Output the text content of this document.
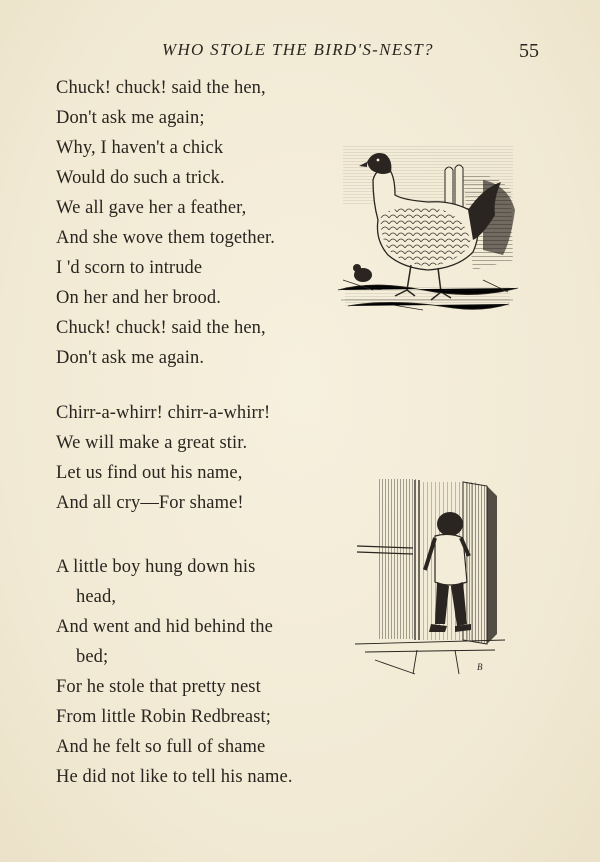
WHO STOLE THE BIRD'S-NEST?	55
Chuck! chuck! said the hen,
Don't ask me again;
Why, I haven't a chick
Would do such a trick.
We all gave her a feather,
And she wove them together.
I 'd scorn to intrude
On her and her brood.
Chuck! chuck! said the hen,
Don't ask me again.
Chirr-a-whirr! chirr-a-whirr!
We will make a great stir.
Let us find out his name,
And all cry—For shame!
A little boy hung down his
head,
And went and hid behind the
bed;
For he stole that pretty nest
From little Robin Redbreast;
And he felt so full of shame
He did not like to tell his name.
B
